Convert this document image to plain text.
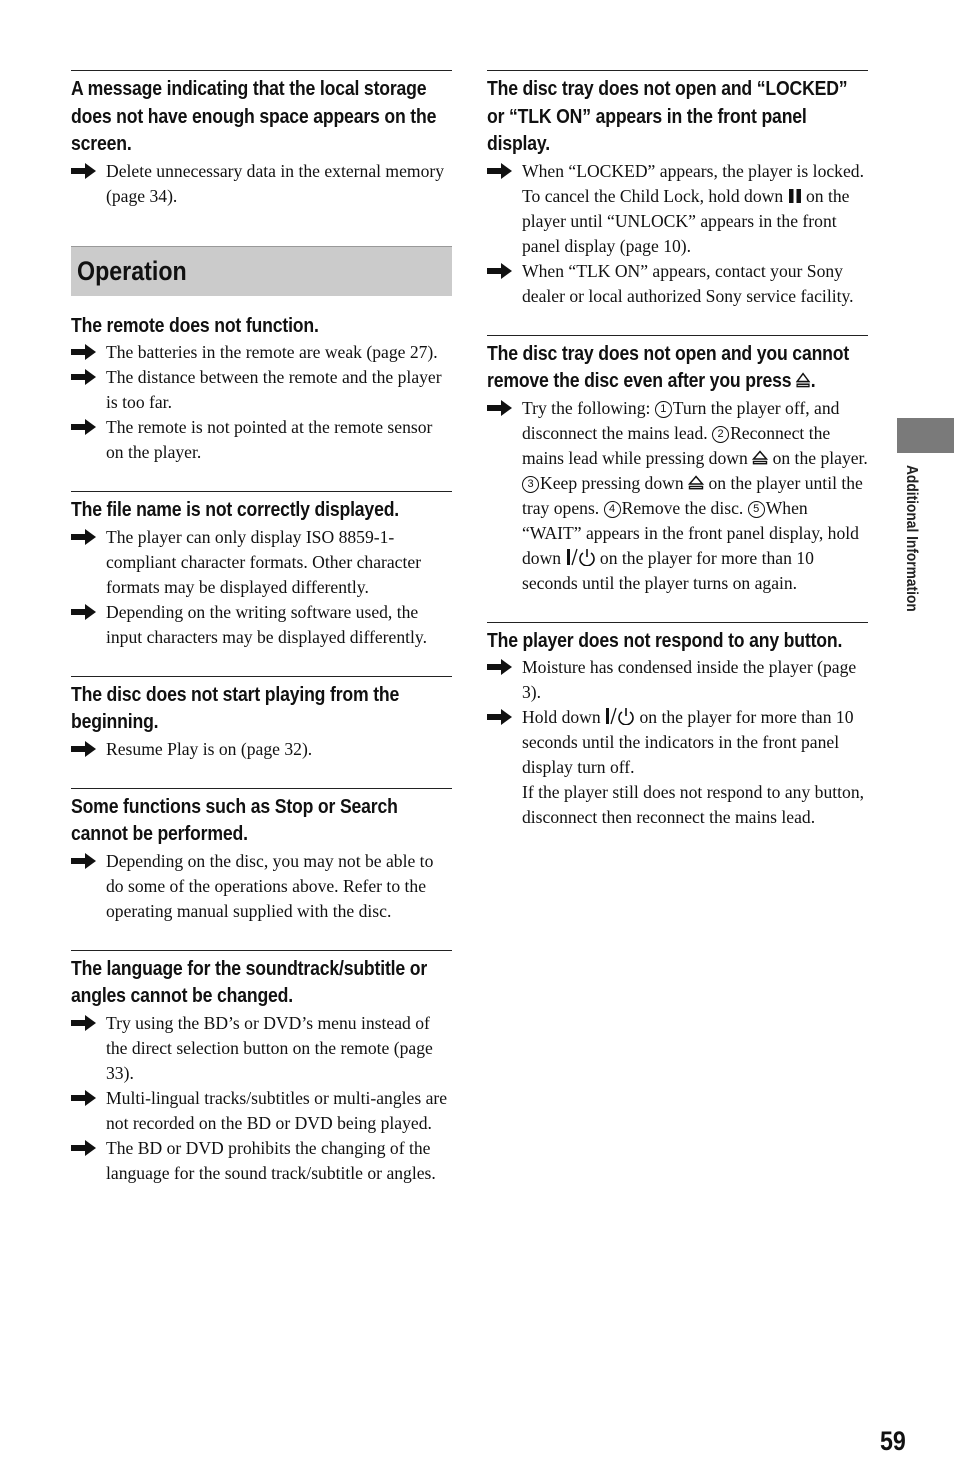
A message indicating that the local storage does not have enough space appears on the screen.
Delete unnecessary data in the external memory (page 34).
Operation
The remote does not function.
The batteries in the remote are weak (page 27).
The distance between the remote and the player is too far.
The remote is not pointed at the remote sensor on the player.
The file name is not correctly displayed.
The player can only display ISO 8859-1-compliant character formats. Other character formats may be displayed differently.
Depending on the writing software used, the input characters may be displayed differently.
The disc does not start playing from the beginning.
Resume Play is on (page 32).
Some functions such as Stop or Search cannot be performed.
Depending on the disc, you may not be able to do some of the operations above. Refer to the operating manual supplied with the disc.
The language for the soundtrack/subtitle or angles cannot be changed.
Try using the BD’s or DVD’s menu instead of the direct selection button on the remote (page 33).
Multi-lingual tracks/subtitles or multi-angles are not recorded on the BD or DVD being played.
The BD or DVD prohibits the changing of the language for the sound track/subtitle or angles.
The disc tray does not open and “LOCKED” or “TLK ON” appears in the front panel display.
When “LOCKED” appears, the player is locked. To cancel the Child Lock, hold down on the player until “UNLOCK” appears in the front panel display (page 10).
When “TLK ON” appears, contact your Sony dealer or local authorized Sony service facility.
The disc tray does not open and you cannot remove the disc even after you press .
Try the following: 1 Turn the player off, and disconnect the mains lead. 2 Reconnect the mains lead while pressing down on the player. 3 Keep pressing down on the player until the tray opens. 4 Remove the disc. 5 When “WAIT” appears in the front panel display, hold down on the player for more than 10 seconds until the player turns on again.
The player does not respond to any button.
Moisture has condensed inside the player (page 3).
Hold down on the player for more than 10 seconds until the indicators in the front panel display turn off.
If the player still does not respond to any button, disconnect then reconnect the mains lead.
Additional Information
59
